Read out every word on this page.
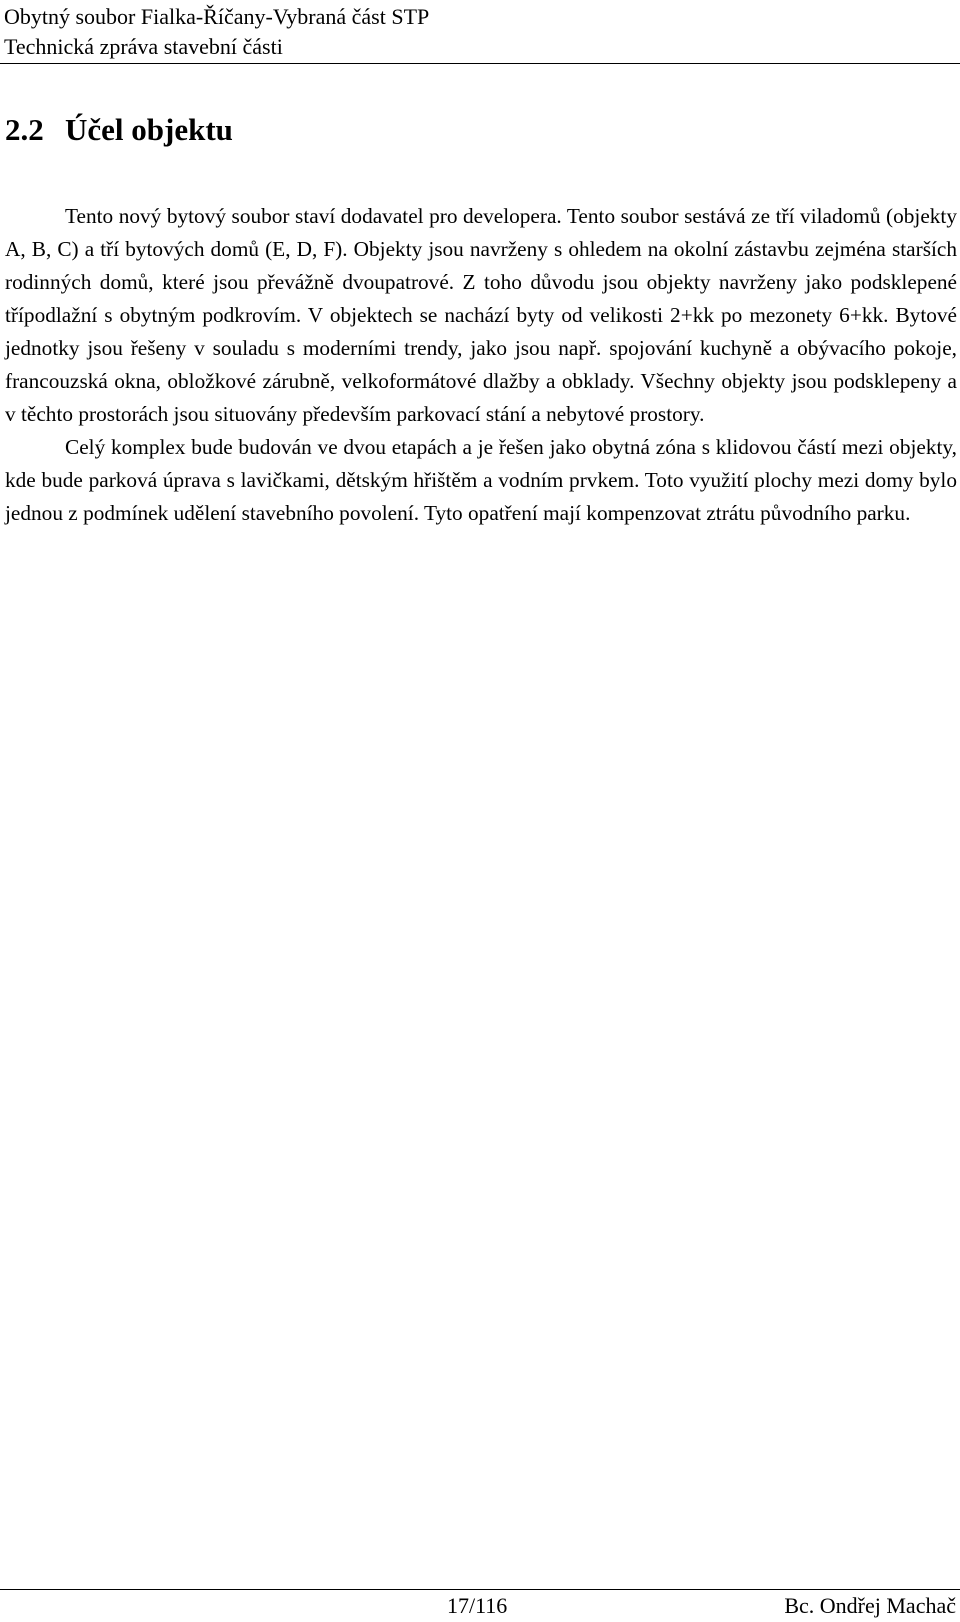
Obytný soubor Fialka-Říčany-Vybraná část STP
Technická zpráva stavební části
2.2 Účel objektu

Tento nový bytový soubor staví dodavatel pro developera. Tento soubor sestává ze tří viladomů (objekty A, B, C) a tří bytových domů (E, D, F). Objekty jsou navrženy s ohledem na okolní zástavbu zejména starších rodinných domů, které jsou převážně dvoupatrové. Z toho důvodu jsou objekty navrženy jako podsklepené třípodlažní s obytným podkrovím. V objektech se nachází byty od velikosti 2+kk po mezonety 6+kk. Bytové jednotky jsou řešeny v souladu s moderními trendy, jako jsou např. spojování kuchyně a obývacího pokoje, francouzská okna, obložkové zárubně, velkoformátové dlažby a obklady. Všechny objekty jsou podsklepeny a v těchto prostorách jsou situovány především parkovací stání a nebytové prostory.

Celý komplex bude budován ve dvou etapách a je řešen jako obytná zóna s klidovou částí mezi objekty, kde bude parková úprava s lavičkami, dětským hřištěm a vodním prvkem. Toto využití plochy mezi domy bylo jednou z podmínek udělení stavebního povolení. Tyto opatření mají kompenzovat ztrátu původního parku.

17/116	Bc. Ondřej Machač
